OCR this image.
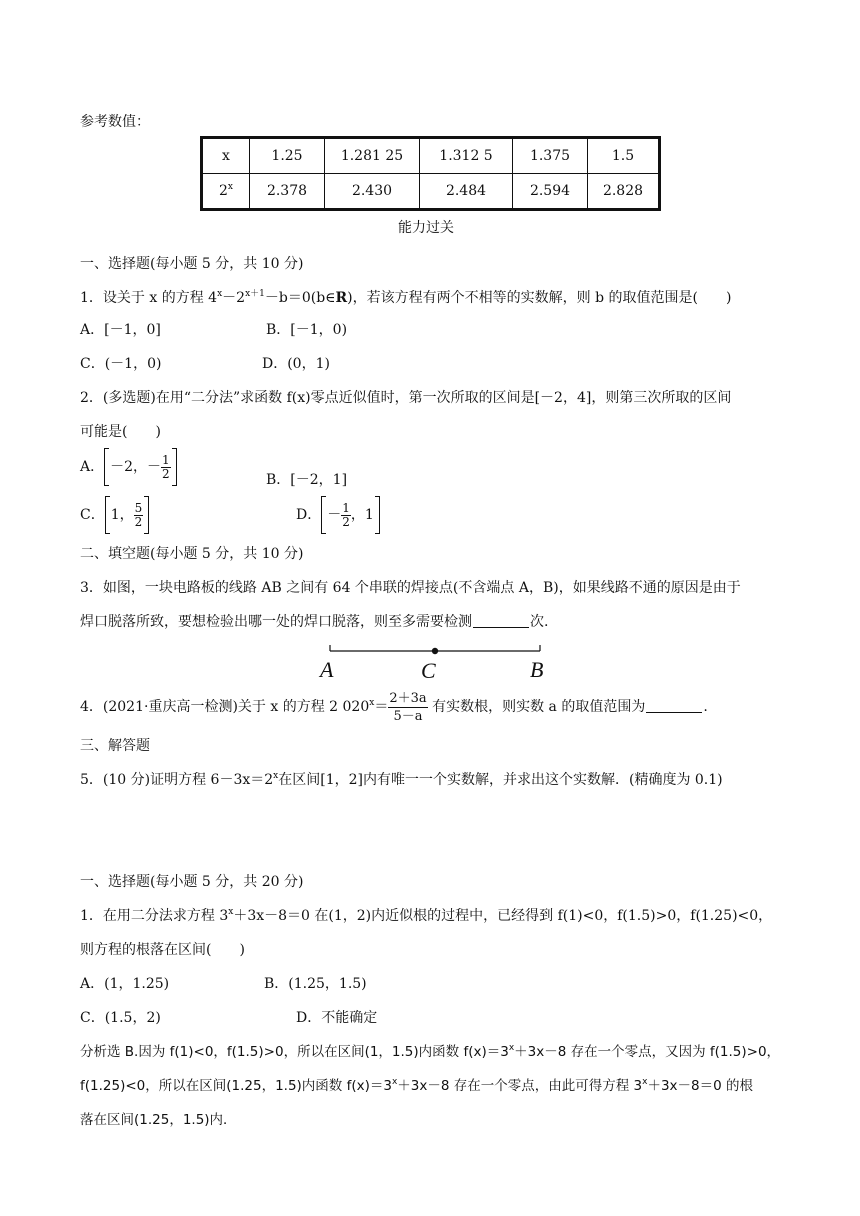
参考数值：
x	1.25	1.281 25	1.312 5	1.375	1.5
2$^x$	2.378	2.430	2.484	2.594	2.828
能力过关
一、选择题(每小题 5 分，共 10 分)
1．设关于 x 的方程 $4^x-2^{x+1}-b=0(b\in R)$，若该方程有两个不相等的实数解，则 b 的取值范围是(　　)
A．[－1，0]	B．[－1，0)
C．(－1，0)	D．(0，1)
2．(多选题)在用“二分法”求函数 f(x)零点近似值时，第一次所取的区间是[－2，4]，则第三次所取的区间
可能是(　　)
A． －2，－ $\frac{1}{2}$	B．[－2，1]
C． 1， $\frac{5}{2}$	D． － $\frac{1}{2}$ ，1
二、填空题(每小题 5 分，共 10 分)
3．如图，一块电路板的线路 AB 之间有 64 个串联的焊接点(不含端点 A，B)，如果线路不通的原因是由于
焊口脱落所致，要想检验出哪一处的焊口脱落，则至多需要检测	次.
A	C	B
4．(2021·重庆高一检测)关于 x 的方程 2 $020^x= \frac{2+3a}{5-a}$ 有实数根，则实数 a 的取值范围为	.
三、解答题
5．(10 分)证明方程 $6-3x=2^x$在区间[1，2]内有唯一一个实数解，并求出这个实数解．(精确度为 0.1)
一、选择题(每小题 5 分，共 20 分)
1．在用二分法求方程 $3^x+3x-8=0$ 在(1，2)内近似根的过程中，已经得到 f(1)<0，f(1.5)>0，f(1.25)<0，
则方程的根落在区间(　　)
A．(1，1.25)	B．(1.25，1.5)
C．(1.5，2)	D．不能确定
分析选 B.因为 f(1)<0，f(1.5)>0，所以在区间(1，1.5)内函数 $f(x)=3^x+3x-8$ 存在一个零点，又因为 f(1.5)>0，
f(1.25)<0，所以在区间(1.25，1.5)内函数 $f(x)=3^x+3x-8$ 存在一个零点，由此可得方程 $3^x+3x-8=0$ 的根
落在区间(1.25，1.5)内．
